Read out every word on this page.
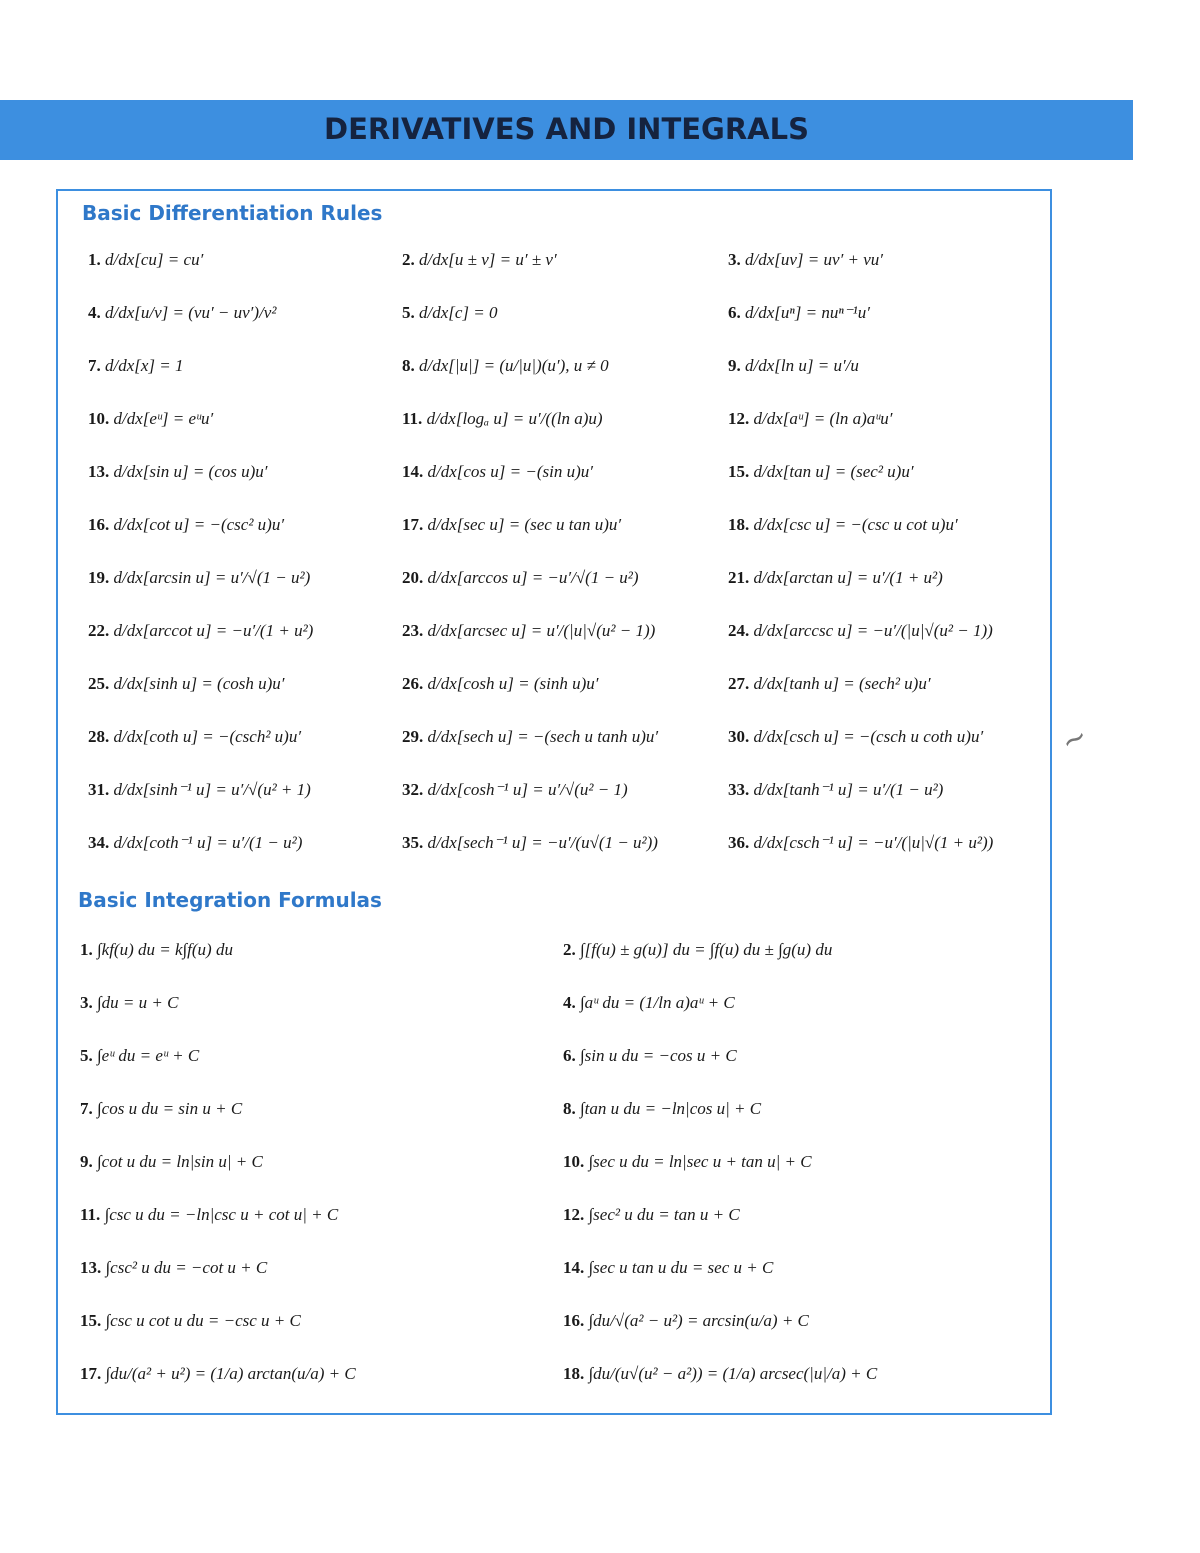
DERIVATIVES AND INTEGRALS
Basic Differentiation Rules
Basic Integration Formulas
1. d/dx[cu] = cu′	2. d/dx[u ± v] = u′ ± v′	3. d/dx[uv] = uv′ + vu′
4. d/dx[u/v] = (vu′ − uv′)/v²	5. d/dx[c] = 0	6. d/dx[uⁿ] = nuⁿ⁻¹u′
7. d/dx[x] = 1	8. d/dx[|u|] = (u/|u|)(u′), u ≠ 0	9. d/dx[ln u] = u′/u
10. d/dx[eᵘ] = eᵘu′	11. d/dx[logₐ u] = u′/((ln a)u)	12. d/dx[aᵘ] = (ln a)aᵘu′
13. d/dx[sin u] = (cos u)u′	14. d/dx[cos u] = −(sin u)u′	15. d/dx[tan u] = (sec² u)u′
16. d/dx[cot u] = −(csc² u)u′	17. d/dx[sec u] = (sec u tan u)u′	18. d/dx[csc u] = −(csc u cot u)u′
19. d/dx[arcsin u] = u′/√(1 − u²)	20. d/dx[arccos u] = −u′/√(1 − u²)	21. d/dx[arctan u] = u′/(1 + u²)
22. d/dx[arccot u] = −u′/(1 + u²)	23. d/dx[arcsec u] = u′/(|u|√(u² − 1))	24. d/dx[arccsc u] = −u′/(|u|√(u² − 1))
25. d/dx[sinh u] = (cosh u)u′	26. d/dx[cosh u] = (sinh u)u′	27. d/dx[tanh u] = (sech² u)u′
28. d/dx[coth u] = −(csch² u)u′	29. d/dx[sech u] = −(sech u tanh u)u′	30. d/dx[csch u] = −(csch u coth u)u′
31. d/dx[sinh⁻¹ u] = u′/√(u² + 1)	32. d/dx[cosh⁻¹ u] = u′/√(u² − 1)	33. d/dx[tanh⁻¹ u] = u′/(1 − u²)
34. d/dx[coth⁻¹ u] = u′/(1 − u²)	35. d/dx[sech⁻¹ u] = −u′/(u√(1 − u²))	36. d/dx[csch⁻¹ u] = −u′/(|u|√(1 + u²))
1. ∫kf(u) du = k∫f(u) du	2. ∫[f(u) ± g(u)] du = ∫f(u) du ± ∫g(u) du
3. ∫du = u + C	4. ∫aᵘ du = (1/ln a)aᵘ + C
5. ∫eᵘ du = eᵘ + C	6. ∫sin u du = −cos u + C
7. ∫cos u du = sin u + C	8. ∫tan u du = −ln|cos u| + C
9. ∫cot u du = ln|sin u| + C	10. ∫sec u du = ln|sec u + tan u| + C
11. ∫csc u du = −ln|csc u + cot u| + C	12. ∫sec² u du = tan u + C
13. ∫csc² u du = −cot u + C	14. ∫sec u tan u du = sec u + C
15. ∫csc u cot u du = −csc u + C	16. ∫du/√(a² − u²) = arcsin(u/a) + C
17. ∫du/(a² + u²) = (1/a) arctan(u/a) + C	18. ∫du/(u√(u² − a²)) = (1/a) arcsec(|u|/a) + C
~
